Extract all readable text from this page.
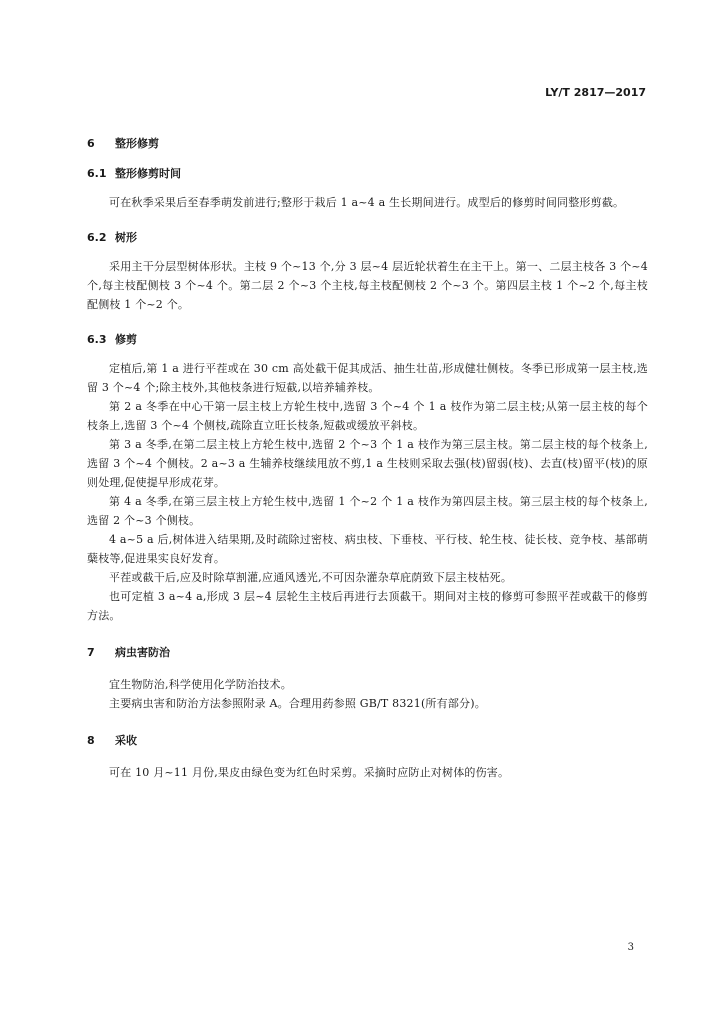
LY/T 2817—2017
6 整形修剪
6.1 整形修剪时间

可在秋季采果后至春季萌发前进行;整形于栽后 1 a~4 a 生长期间进行。成型后的修剪时间同整形剪截。

6.2 树形

采用主干分层型树体形状。主枝 9 个~13 个,分 3 层~4 层近轮状着生在主干上。第一、二层主枝各 3 个~4 个,每主枝配侧枝 3 个~4 个。第二层 2 个~3 个主枝,每主枝配侧枝 2 个~3 个。第四层主枝 1 个~2 个,每主枝配侧枝 1 个~2 个。

6.3 修剪

定植后,第 1 a 进行平茬或在 30 cm 高处截干促其成活、抽生壮苗,形成健壮侧枝。冬季已形成第一层主枝,选留 3 个~4 个;除主枝外,其他枝条进行短截,以培养辅养枝。

第 2 a 冬季在中心干第一层主枝上方轮生枝中,选留 3 个~4 个 1 a 枝作为第二层主枝;从第一层主枝的每个枝条上,选留 3 个~4 个侧枝,疏除直立旺长枝条,短截或缓放平斜枝。

第 3 a 冬季,在第二层主枝上方轮生枝中,选留 2 个~3 个 1 a 枝作为第三层主枝。第二层主枝的每个枝条上,选留 3 个~4 个侧枝。2 a~3 a 生辅养枝继续甩放不剪,1 a 生枝则采取去强(枝)留弱(枝)、去直(枝)留平(枝)的原则处理,促使提早形成花芽。

第 4 a 冬季,在第三层主枝上方轮生枝中,选留 1 个~2 个 1 a 枝作为第四层主枝。第三层主枝的每个枝条上,选留 2 个~3 个侧枝。

4 a~5 a 后,树体进入结果期,及时疏除过密枝、病虫枝、下垂枝、平行枝、轮生枝、徒长枝、竞争枝、基部萌蘖枝等,促进果实良好发育。

平茬或截干后,应及时除草割灌,应通风透光,不可因杂灌杂草庇荫致下层主枝枯死。

也可定植 3 a~4 a,形成 3 层~4 层轮生主枝后再进行去顶截干。期间对主枝的修剪可参照平茬或截干的修剪方法。

7 病虫害防治

宜生物防治,科学使用化学防治技术。

主要病虫害和防治方法参照附录 A。合理用药参照 GB/T 8321(所有部分)。

8 采收

可在 10 月~11 月份,果皮由绿色变为红色时采剪。采摘时应防止对树体的伤害。

3
